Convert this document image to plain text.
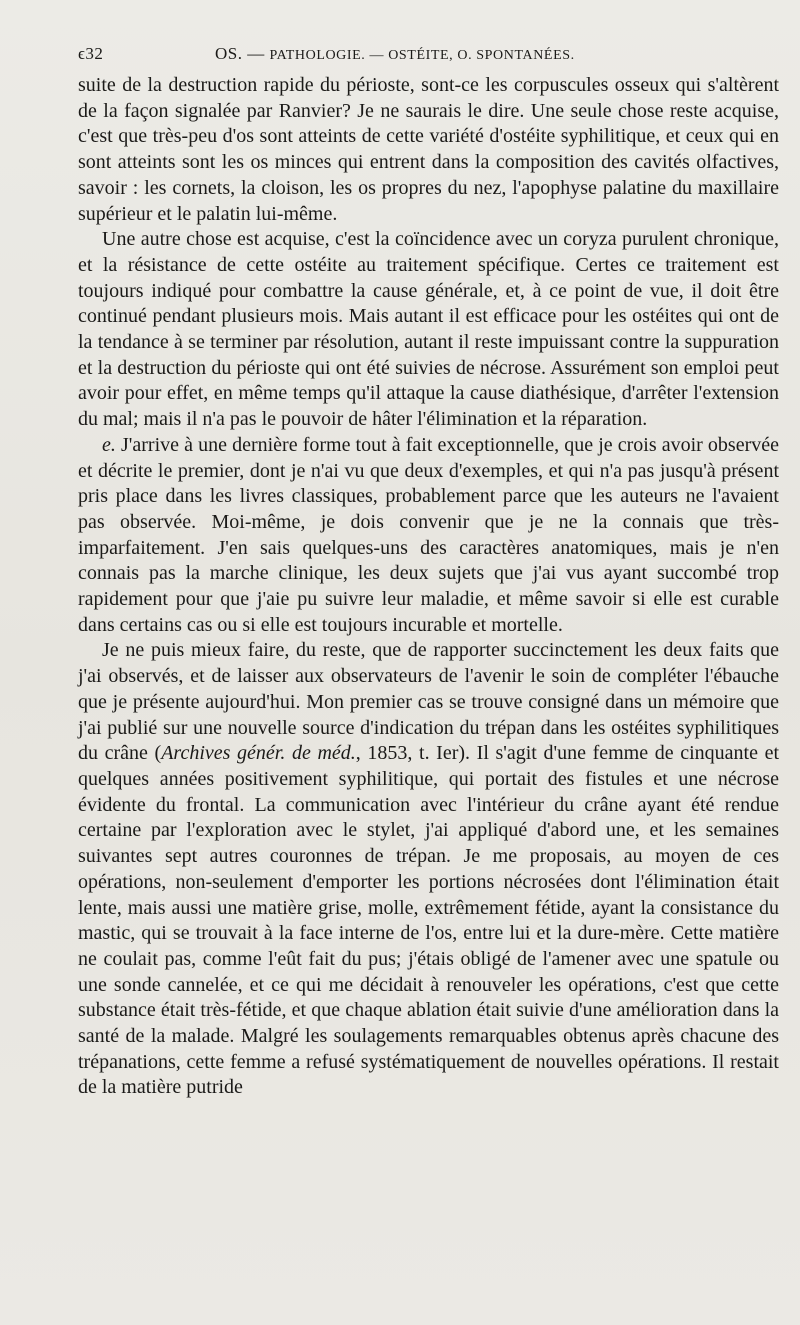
ϵ32	OS. — PATHOLOGIE. — OSTÉITE, O. SPONTANÉES.

suite de la destruction rapide du périoste, sont-ce les corpuscules osseux qui s'altèrent de la façon signalée par Ranvier? Je ne saurais le dire. Une seule chose reste acquise, c'est que très-peu d'os sont atteints de cette variété d'ostéite syphilitique, et ceux qui en sont atteints sont les os minces qui entrent dans la composition des cavités olfactives, savoir : les cornets, la cloison, les os propres du nez, l'apophyse palatine du maxillaire supérieur et le palatin lui-même.

Une autre chose est acquise, c'est la coïncidence avec un coryza purulent chronique, et la résistance de cette ostéite au traitement spécifique. Certes ce traitement est toujours indiqué pour combattre la cause générale, et, à ce point de vue, il doit être continué pendant plusieurs mois. Mais autant il est efficace pour les ostéites qui ont de la tendance à se terminer par résolution, autant il reste impuissant contre la suppuration et la destruction du périoste qui ont été suivies de nécrose. Assurément son emploi peut avoir pour effet, en même temps qu'il attaque la cause diathésique, d'arrêter l'extension du mal; mais il n'a pas le pouvoir de hâter l'élimination et la réparation.

e. J'arrive à une dernière forme tout à fait exceptionnelle, que je crois avoir observée et décrite le premier, dont je n'ai vu que deux d'exemples, et qui n'a pas jusqu'à présent pris place dans les livres classiques, probablement parce que les auteurs ne l'avaient pas observée. Moi-même, je dois convenir que je ne la connais que très-imparfaitement. J'en sais quelques-uns des caractères anatomiques, mais je n'en connais pas la marche clinique, les deux sujets que j'ai vus ayant succombé trop rapidement pour que j'aie pu suivre leur maladie, et même savoir si elle est curable dans certains cas ou si elle est toujours incurable et mortelle.

Je ne puis mieux faire, du reste, que de rapporter succinctement les deux faits que j'ai observés, et de laisser aux observateurs de l'avenir le soin de compléter l'ébauche que je présente aujourd'hui. Mon premier cas se trouve consigné dans un mémoire que j'ai publié sur une nouvelle source d'indication du trépan dans les ostéites syphilitiques du crâne (Archives génér. de méd., 1853, t. Ier). Il s'agit d'une femme de cinquante et quelques années positivement syphilitique, qui portait des fistules et une nécrose évidente du frontal. La communication avec l'intérieur du crâne ayant été rendue certaine par l'exploration avec le stylet, j'ai appliqué d'abord une, et les semaines suivantes sept autres couronnes de trépan. Je me proposais, au moyen de ces opérations, non-seulement d'emporter les portions nécrosées dont l'élimination était lente, mais aussi une matière grise, molle, extrêmement fétide, ayant la consistance du mastic, qui se trouvait à la face interne de l'os, entre lui et la dure-mère. Cette matière ne coulait pas, comme l'eût fait du pus; j'étais obligé de l'amener avec une spatule ou une sonde cannelée, et ce qui me décidait à renouveler les opérations, c'est que cette substance était très-fétide, et que chaque ablation était suivie d'une amélioration dans la santé de la malade. Malgré les soulagements remarquables obtenus après chacune des trépanations, cette femme a refusé systématiquement de nouvelles opérations. Il restait de la matière putride
